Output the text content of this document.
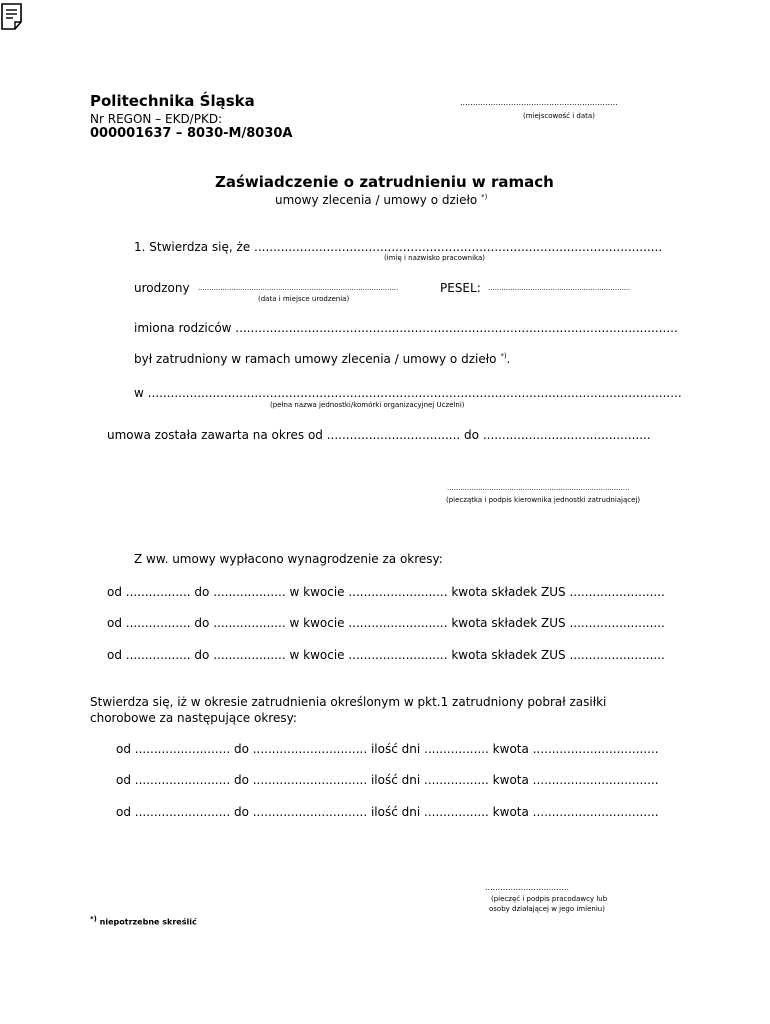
Politechnika Śląska
Nr REGON – EKD/PKD:
000001637 – 8030-M/8030A
..............................................................
(miejscowość i data)
Zaświadczenie o zatrudnieniu w ramach
umowy zlecenia / umowy o dzieło *)
1. Stwierdza się, że ...........................................................................................................
(imię i nazwisko pracownika)
urodzony ..........................................................................................	PESEL: ................................................................
(data i miejsce urodzenia)
imiona rodziców ....................................................................................................................
był zatrudniony w ramach umowy zlecenia / umowy o dzieło *).
w ............................................................................................................................................
(pełna nazwa jednostki/komórki organizacyjnej Uczelni)
umowa została zawarta na okres od ................................... do ............................................
..................................................................................
(pieczątka i podpis kierownika jednostki zatrudniającej)
Z ww. umowy wypłacono wynagrodzenie za okresy:
od ................. do ................... w kwocie .......................... kwota składek ZUS .........................
od ................. do ................... w kwocie .......................... kwota składek ZUS .........................
od ................. do ................... w kwocie .......................... kwota składek ZUS .........................
Stwierdza się, iż w okresie zatrudnienia określonym w pkt.1 zatrudniony pobrał zasiłki
chorobowe za następujące okresy:
od ......................... do .............................. ilość dni ................. kwota .................................
od ......................... do .............................. ilość dni ................. kwota .................................
od ......................... do .............................. ilość dni ................. kwota .................................
.................................
(pieczęć i podpis pracodawcy lub
osoby działającej w jego imieniu)
*) niepotrzebne skreślić
